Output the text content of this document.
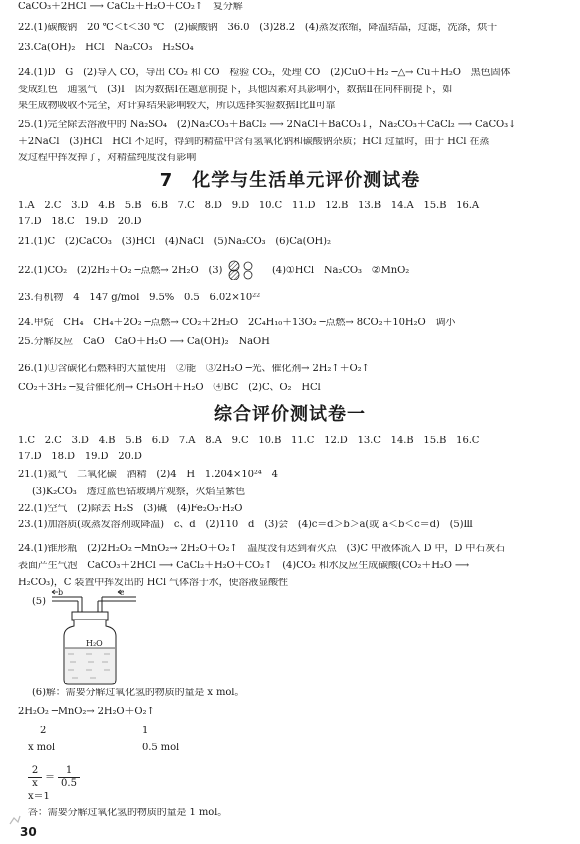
CaCO₃＋2HCl ⟶ CaCl₂＋H₂O＋CO₂↑　复分解
22.(1)碳酸钠　20 ℃＜t＜30 ℃　(2)碳酸钠　36.0　(3)28.2　(4)蒸发浓缩，降温结晶，过滤，洗涤，烘干
23.Ca(OH)₂　HCl　Na₂CO₃　H₂SO₄
24.(1)D　G　(2)导入 CO，导出 CO₂ 和 CO　检验 CO₂，处理 CO　(2)CuO＋H₂ ─△→ Cu＋H₂O　黑色固体
变成红色　通氢气　(3)Ⅰ　因为数据Ⅰ在题意前提下，其他因素对其影响小，数据Ⅱ在同样前提下，如
果生成物吸收不完全，对计算结果影响较大，所以选择实验数据Ⅰ比Ⅱ可靠
25.(1)完全除去溶液中的 Na₂SO₄　(2)Na₂CO₃＋BaCl₂ ⟶ 2NaCl＋BaCO₃↓，Na₂CO₃＋CaCl₂ ⟶ CaCO₃↓
＋2NaCl　(3)HCl　HCl 不足时，得到的精盐中含有氢氧化钠和碳酸钠杂质；HCl 过量时，由于 HCl 在蒸
发过程中挥发掉了，对精盐纯度没有影响
7　化学与生活单元评价测试卷
1.A　2.C　3.D　4.B　5.B　6.B　7.C　8.D　9.D　10.C　11.D　12.B　13.B　14.A　15.B　16.A
17.D　18.C　19.D　20.D
21.(1)C　(2)CaCO₃　(3)HCl　(4)NaCl　(5)Na₂CO₃　(6)Ca(OH)₂
22.(1)CO₂　(2)2H₂＋O₂ ─点燃→ 2H₂O　(3)	(4)①HCl　Na₂CO₃　②MnO₂
23.有机物　4　147 g/mol　9.5%　0.5　6.02×10²²
24.甲烷　CH₄　CH₄＋2O₂ ─点燃→ CO₂＋2H₂O　2C₄H₁₀＋13O₂ ─点燃→ 8CO₂＋10H₂O　调小
25.分解反应　CaO　CaO＋H₂O ⟶ Ca(OH)₂　NaOH
26.(1)①含碳化石燃料的大量使用　②能　③2H₂O ─光、催化剂→ 2H₂↑＋O₂↑
CO₂＋3H₂ ─复合催化剂→ CH₃OH＋H₂O　④BC　(2)C、O₂　HCl
综合评价测试卷一
1.C　2.C　3.D　4.B　5.B　6.D　7.A　8.A　9.C　10.B　11.C　12.D　13.C　14.B　15.B　16.C
17.D　18.D　19.D　20.D
21.(1)氮气　二氧化碳　酒精　(2)4　H　1.204×10²⁴　4
(3)K₂CO₃　透过蓝色钴玻璃片观察，火焰呈紫色
22.(1)空气　(2)除去 H₂S　(3)碱　(4)Fe₂O₃·H₂O
23.(1)加溶质(或蒸发溶剂或降温)　c、d　(2)110　d　(3)会　(4)c＝d＞b＞a(或 a＜b＜c＝d)　(5)Ⅲ
24.(1)锥形瓶　(2)2H₂O₂ ─MnO₂→ 2H₂O＋O₂↑　温度没有达到着火点　(3)C 中液体流入 D 中，D 中石灰石
表面产生气泡　CaCO₃＋2HCl ⟶ CaCl₂＋H₂O＋CO₂↑　(4)CO₂ 和水反应生成碳酸(CO₂＋H₂O ⟶
H₂CO₃)，C 装置中挥发出的 HCl 气体溶于水，使溶液显酸性
(5)
b	c
H₂O
(6)解：需要分解过氧化氢的物质的量是 x mol。
2H₂O₂ ─MnO₂→ 2H₂O＋O₂↑
2	1
x mol	0.5 mol
2
x
＝
1
0.5
x＝1
答：需要分解过氧化氢的物质的量是 1 mol。
30
